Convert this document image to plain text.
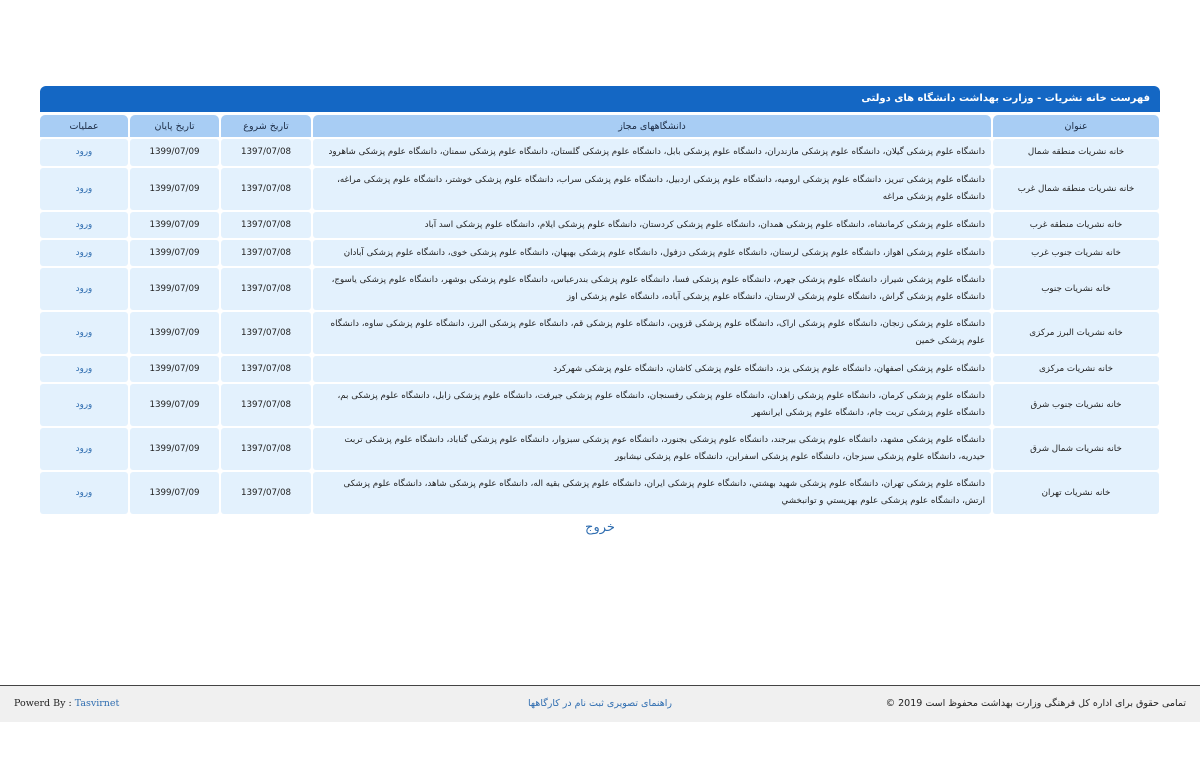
فهرست خانه نشریات - وزارت بهداشت دانشگاه های دولتی
عنوان	دانشگاههای مجاز	تاریخ شروع	تاریخ پایان	عملیات
خانه نشریات منطقه شمال	دانشگاه علوم پزشکی گیلان، دانشگاه علوم پزشکی مازندران، دانشگاه علوم پزشکی بابل، دانشگاه علوم پزشکی گلستان، دانشگاه علوم پزشکی سمنان، دانشگاه علوم پزشکی شاهرود	1397/07/08	1399/07/09	ورود
خانه نشریات منطقه شمال غرب	دانشگاه علوم پزشکی تبریز، دانشگاه علوم پزشکی ارومیه، دانشگاه علوم پزشکی اردبیل، دانشگاه علوم پزشکی سراب، دانشگاه علوم پزشکی خوشتر، دانشگاه علوم پزشکی مراغه، دانشگاه علوم پزشکی مراغه	1397/07/08	1399/07/09	ورود
خانه نشریات منطقه غرب	دانشگاه علوم پزشکی کرمانشاه، دانشگاه علوم پزشکی همدان، دانشگاه علوم پزشکی کردستان، دانشگاه علوم پزشکی ایلام، دانشگاه علوم پزشکی اسد آباد	1397/07/08	1399/07/09	ورود
خانه نشریات جنوب غرب	دانشگاه علوم پزشکی اهواز، دانشگاه علوم پزشکی لرستان، دانشگاه علوم پزشکی دزفول، دانشگاه علوم پزشکی بهبهان، دانشگاه علوم پزشکی خوی، دانشگاه علوم پزشکی آبادان	1397/07/08	1399/07/09	ورود
خانه نشریات جنوب	دانشگاه علوم پزشکی شیراز، دانشگاه علوم پزشکی جهرم، دانشگاه علوم پزشکی فسا، دانشگاه علوم پزشکی بندرعباس، دانشگاه علوم پزشکی بوشهر، دانشگاه علوم پزشکی یاسوج، دانشگاه علوم پزشکی گراش، دانشگاه علوم پزشکی لارستان، دانشگاه علوم پزشکی آباده، دانشگاه علوم پزشکی اوز	1397/07/08	1399/07/09	ورود
خانه نشریات البرز مرکزی	دانشگاه علوم پزشکی زنجان، دانشگاه علوم پزشکی اراک، دانشگاه علوم پزشکی قزوین، دانشگاه علوم پزشکی قم، دانشگاه علوم پزشکی البرز، دانشگاه علوم پزشکی ساوه، دانشگاه علوم پزشکی خمین	1397/07/08	1399/07/09	ورود
خانه نشریات مرکزی	دانشگاه علوم پزشکی اصفهان، دانشگاه علوم پزشکی یزد، دانشگاه علوم پزشکی کاشان، دانشگاه علوم پزشکی شهرکرد	1397/07/08	1399/07/09	ورود
خانه نشریات جنوب شرق	دانشگاه علوم پزشکی کرمان، دانشگاه علوم پزشکی زاهدان، دانشگاه علوم پزشکی رفسنجان، دانشگاه علوم پزشکی جیرفت، دانشگاه علوم پزشکی زابل، دانشگاه علوم پزشکی بم، دانشگاه علوم پزشکی تربت جام، دانشگاه علوم پزشکی ایرانشهر	1397/07/08	1399/07/09	ورود
خانه نشریات شمال شرق	دانشگاه علوم پزشکی مشهد، دانشگاه علوم پزشکی بیرجند، دانشگاه علوم پزشکی بجنورد، دانشگاه عوم پزشکی سبزوار، دانشگاه علوم پزشکی گناباد، دانشگاه علوم پزشکی تربت حیدریه، دانشگاه علوم پزشکی سبزجان، دانشگاه علوم پزشکی اسفراین، دانشگاه علوم پزشکی نیشابور	1397/07/08	1399/07/09	ورود
خانه نشریات تهران	دانشگاه علوم پزشکی تهران، دانشگاه علوم پزشکی شهید بهشتي، دانشگاه علوم پزشکی ایران، دانشگاه علوم پزشکی بقیه اله، دانشگاه علوم پزشکی شاهد، دانشگاه علوم پزشکی ارتش، دانشگاه علوم پزشکی علوم بهزیستي و توانبخشي	1397/07/08	1399/07/09	ورود
خروج
تمامی حقوق برای اداره کل فرهنگی وزارت بهداشت محفوظ است 2019 ©
راهنمای تصویری ثبت نام در کارگاهها
Powerd By : Tasvirnet
